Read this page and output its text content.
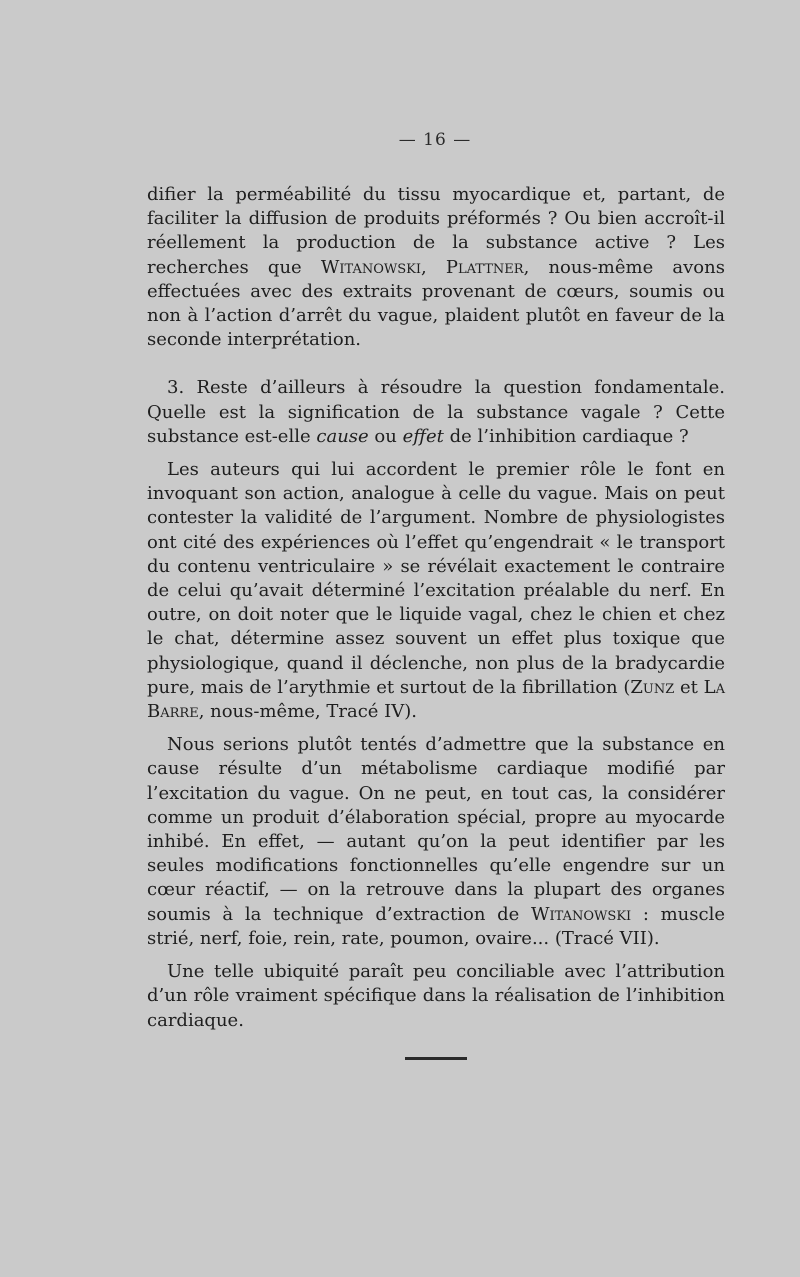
— 16 —

difier la perméabilité du tissu myocardique et, partant, de faciliter la diffusion de produits préformés ? Ou bien accroît-il réellement la production de la substance active ? Les recherches que Witanowski, Plattner, nous-même avons effectuées avec des extraits provenant de cœurs, soumis ou non à l’action d’arrêt du vague, plaident plutôt en faveur de la seconde interprétation.

3. Reste d’ailleurs à résoudre la question fondamentale. Quelle est la signification de la substance vagale ? Cette substance est-elle cause ou effet de l’inhibition cardiaque ?

Les auteurs qui lui accordent le premier rôle le font en invoquant son action, analogue à celle du vague. Mais on peut contester la validité de l’argument. Nombre de physiologistes ont cité des expériences où l’effet qu’engendrait « le transport du contenu ventriculaire » se révélait exactement le contraire de celui qu’avait déterminé l’excitation préalable du nerf. En outre, on doit noter que le liquide vagal, chez le chien et chez le chat, détermine assez souvent un effet plus toxique que physiologique, quand il déclenche, non plus de la bradycardie pure, mais de l’arythmie et surtout de la fibrillation (Zunz et La Barre, nous-même, Tracé IV).

Nous serions plutôt tentés d’admettre que la substance en cause résulte d’un métabolisme cardiaque modifié par l’excitation du vague. On ne peut, en tout cas, la considérer comme un produit d’élaboration spécial, propre au myocarde inhibé. En effet, — autant qu’on la peut identifier par les seules modifications fonctionnelles qu’elle engendre sur un cœur réactif, — on la retrouve dans la plupart des organes soumis à la technique d’extraction de Witanowski : muscle strié, nerf, foie, rein, rate, poumon, ovaire... (Tracé VII).

Une telle ubiquité paraît peu conciliable avec l’attribution d’un rôle vraiment spécifique dans la réalisation de l’inhibition cardiaque.
